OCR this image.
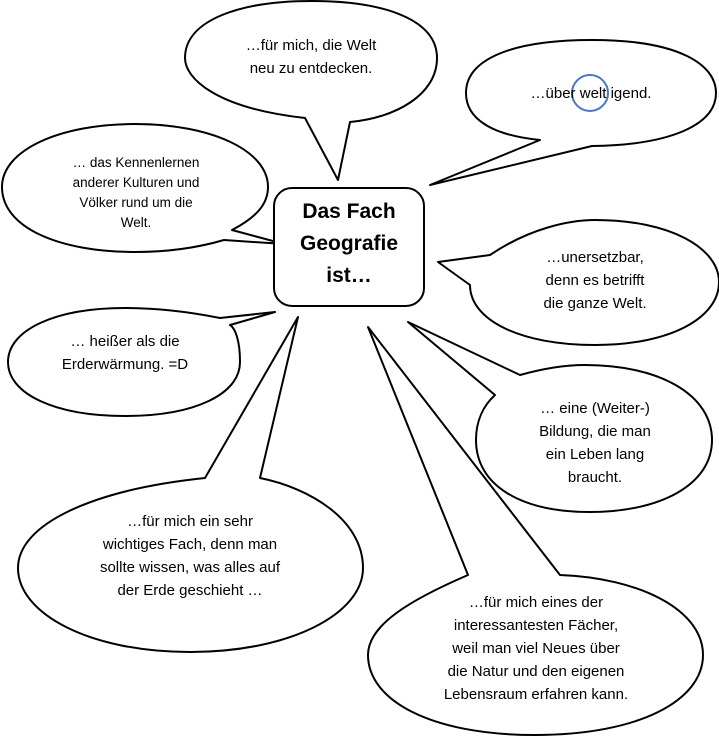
Das Fach
Geografie
ist…
…für mich, die Welt
neu zu entdecken.
…über welt igend.
… das Kennenlernen
anderer Kulturen und
Völker rund um die
Welt.
…unersetzbar,
denn es betrifft
die ganze Welt.
… heißer als die
Erderwärmung. =D
… eine (Weiter-)
Bildung, die man
ein Leben lang
braucht.
…für mich ein sehr
wichtiges Fach, denn man
sollte wissen, was alles auf
der Erde geschieht …
…für mich eines der
interessantesten Fächer,
weil man viel Neues über
die Natur und den eigenen
Lebensraum erfahren kann.
